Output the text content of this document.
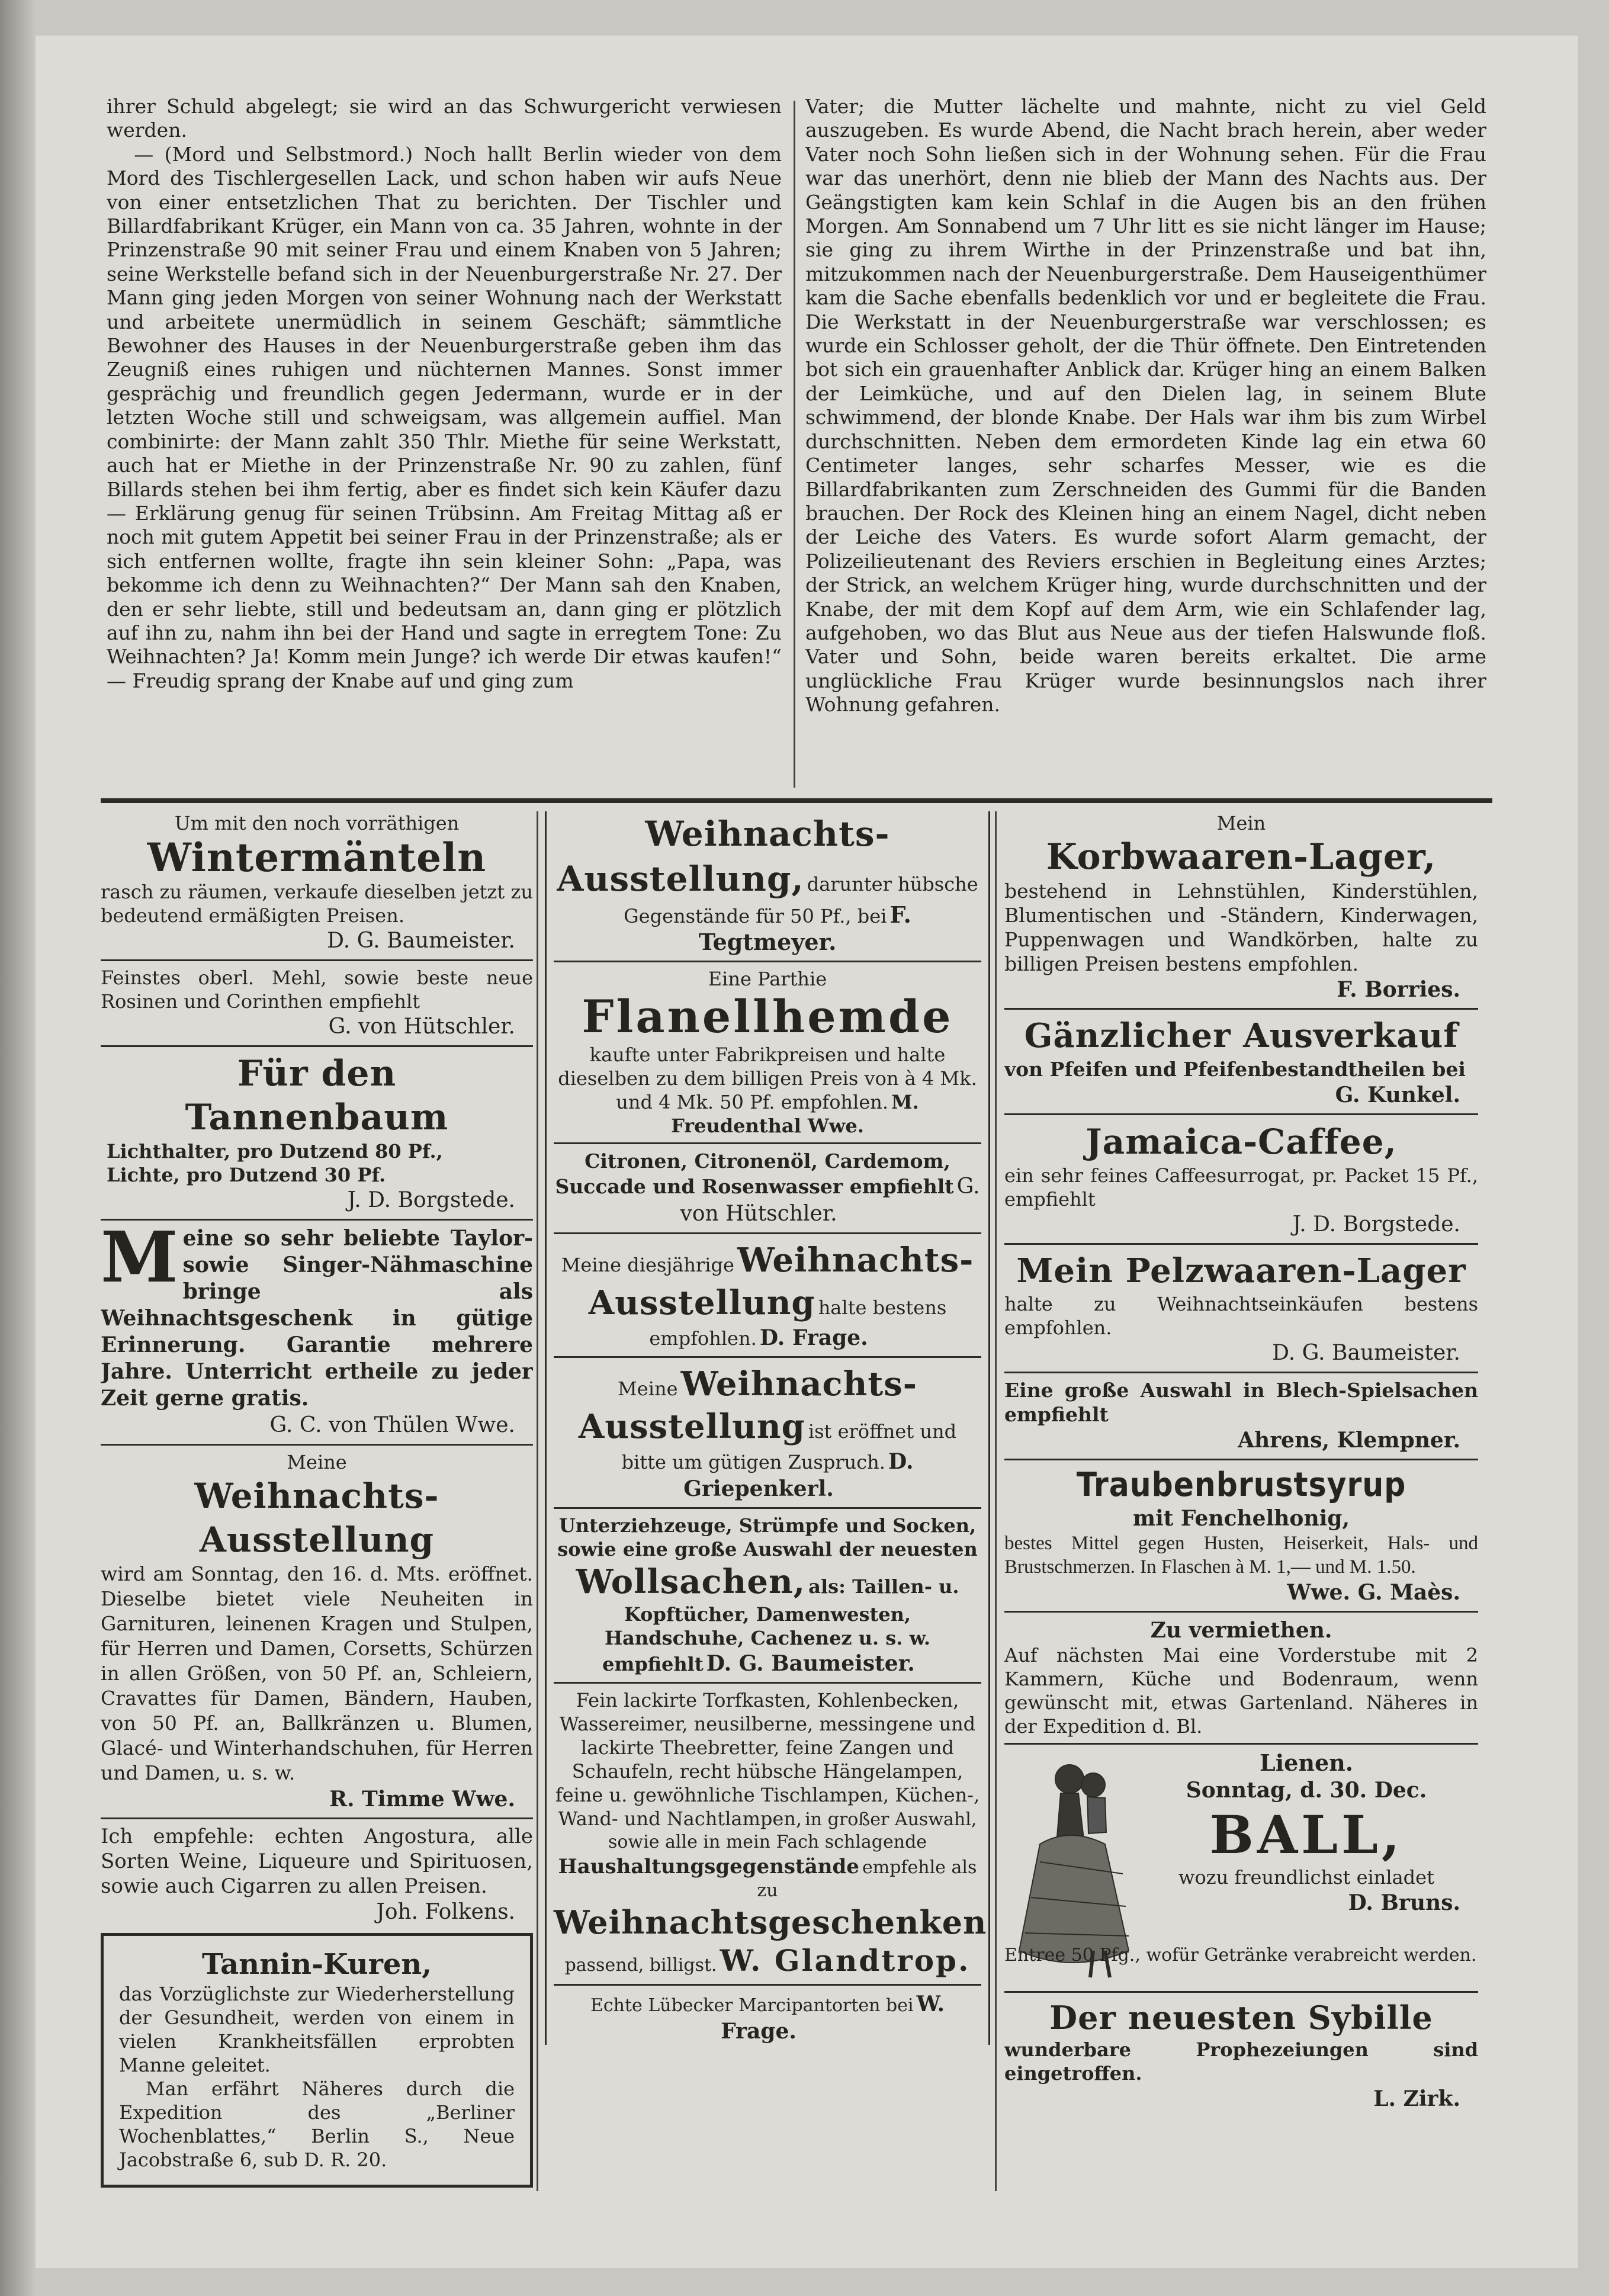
ihrer Schuld abgelegt; sie wird an das Schwurgericht verwiesen werden.

— (Mord und Selbstmord.) Noch hallt Berlin wieder von dem Mord des Tischlergesellen Lack, und schon haben wir aufs Neue von einer entsetzlichen That zu berichten. Der Tischler und Billardfabrikant Krüger, ein Mann von ca. 35 Jahren, wohnte in der Prinzenstraße 90 mit seiner Frau und einem Knaben von 5 Jahren; seine Werkstelle befand sich in der Neuenburgerstraße Nr. 27. Der Mann ging jeden Morgen von seiner Wohnung nach der Werkstatt und arbeitete unermüdlich in seinem Geschäft; sämmtliche Bewohner des Hauses in der Neuenburgerstraße geben ihm das Zeugniß eines ruhigen und nüchternen Mannes. Sonst immer gesprächig und freundlich gegen Jedermann, wurde er in der letzten Woche still und schweigsam, was allgemein auffiel. Man combinirte: der Mann zahlt 350 Thlr. Miethe für seine Werkstatt, auch hat er Miethe in der Prinzenstraße Nr. 90 zu zahlen, fünf Billards stehen bei ihm fertig, aber es findet sich kein Käufer dazu — Erklärung genug für seinen Trübsinn. Am Freitag Mittag aß er noch mit gutem Appetit bei seiner Frau in der Prinzenstraße; als er sich entfernen wollte, fragte ihn sein kleiner Sohn: „Papa, was bekomme ich denn zu Weihnachten?“ Der Mann sah den Knaben, den er sehr liebte, still und bedeutsam an, dann ging er plötzlich auf ihn zu, nahm ihn bei der Hand und sagte in erregtem Tone: Zu Weihnachten? Ja! Komm mein Junge? ich werde Dir etwas kaufen!“ — Freudig sprang der Knabe auf und ging zum

Vater; die Mutter lächelte und mahnte, nicht zu viel Geld auszugeben. Es wurde Abend, die Nacht brach herein, aber weder Vater noch Sohn ließen sich in der Wohnung sehen. Für die Frau war das unerhört, denn nie blieb der Mann des Nachts aus. Der Geängstigten kam kein Schlaf in die Augen bis an den frühen Morgen. Am Sonnabend um 7 Uhr litt es sie nicht länger im Hause; sie ging zu ihrem Wirthe in der Prinzenstraße und bat ihn, mitzukommen nach der Neuenburgerstraße. Dem Hauseigenthümer kam die Sache ebenfalls bedenklich vor und er begleitete die Frau. Die Werkstatt in der Neuenburgerstraße war verschlossen; es wurde ein Schlosser geholt, der die Thür öffnete. Den Eintretenden bot sich ein grauenhafter Anblick dar. Krüger hing an einem Balken der Leimküche, und auf den Dielen lag, in seinem Blute schwimmend, der blonde Knabe. Der Hals war ihm bis zum Wirbel durchschnitten. Neben dem ermordeten Kinde lag ein etwa 60 Centimeter langes, sehr scharfes Messer, wie es die Billardfabrikanten zum Zerschneiden des Gummi für die Banden brauchen. Der Rock des Kleinen hing an einem Nagel, dicht neben der Leiche des Vaters. Es wurde sofort Alarm gemacht, der Polizeilieutenant des Reviers erschien in Begleitung eines Arztes; der Strick, an welchem Krüger hing, wurde durchschnitten und der Knabe, der mit dem Kopf auf dem Arm, wie ein Schlafender lag, aufgehoben, wo das Blut aus Neue aus der tiefen Halswunde floß. Vater und Sohn, beide waren bereits erkaltet. Die arme unglückliche Frau Krüger wurde besinnungslos nach ihrer Wohnung gefahren.

Um mit den noch vorräthigen
Wintermänteln
rasch zu räumen, verkaufe dieselben jetzt zu bedeutend ermäßigten Preisen.
D. G. Baumeister.
Feinstes oberl. Mehl, sowie beste neue Rosinen und Corinthen empfiehlt
G. von Hütschler.
Für den Tannenbaum
Lichthalter, pro Dutzend 80 Pf.,
Lichte, pro Dutzend 30 Pf.
J. D. Borgstede.
M eine so sehr beliebte Taylor- sowie Singer-Nähmaschine bringe als Weihnachtsgeschenk in gütige Erinnerung. Garantie mehrere Jahre. Unterricht ertheile zu jeder Zeit gerne gratis.
G. C. von Thülen Wwe.
Meine
Weihnachts-Ausstellung
wird am Sonntag, den 16. d. Mts. eröffnet. Dieselbe bietet viele Neuheiten in Garnituren, leinenen Kragen und Stulpen, für Herren und Damen, Corsetts, Schürzen in allen Größen, von 50 Pf. an, Schleiern, Cravattes für Damen, Bändern, Hauben, von 50 Pf. an, Ballkränzen u. Blumen, Glacé- und Winterhandschuhen, für Herren und Damen, u. s. w.
R. Timme Wwe.
Ich empfehle: echten Angostura, alle Sorten Weine, Liqueure und Spirituosen, sowie auch Cigarren zu allen Preisen.
Joh. Folkens.
Tannin-Kuren,
das Vorzüglichste zur Wiederherstellung der Gesundheit, werden von einem in vielen Krankheitsfällen erprobten Manne geleitet.
Man erfährt Näheres durch die Expedition des „Berliner Wochenblattes,“ Berlin S., Neue Jacobstraße 6, sub D. R. 20.
Weihnachts-Ausstellung, darunter hübsche Gegenstände für 50 Pf., bei F. Tegtmeyer.
Eine Parthie Flanellhemde kaufte unter Fabrikpreisen und halte dieselben zu dem billigen Preis von à 4 Mk. und 4 Mk. 50 Pf. empfohlen. M. Freudenthal Wwe.
Citronen, Citronenöl, Cardemom, Succade und Rosenwasser empfiehlt G. von Hütschler.
Meine diesjährige Weihnachts-Ausstellung halte bestens empfohlen. D. Frage.
Meine Weihnachts-Ausstellung ist eröffnet und bitte um gütigen Zuspruch. D. Griepenkerl.
Unterziehzeuge, Strümpfe und Socken, sowie eine große Auswahl der neuesten Wollsachen, als: Taillen- u. Kopftücher, Damenwesten, Handschuhe, Cachenez u. s. w. empfiehlt D. G. Baumeister.
Fein lackirte Torfkasten, Kohlenbecken, Wassereimer, neusilberne, messingene und lackirte Theebretter, feine Zangen und Schaufeln, recht hübsche Hängelampen, feine u. gewöhnliche Tischlampen, Küchen-, Wand- und Nachtlampen, in großer Auswahl, sowie alle in mein Fach schlagende Haushaltungsgegenstände empfehle als zu Weihnachtsgeschenken passend, billigst. W. Glandtrop.
Echte Lübecker Marcipantorten bei W. Frage.
Mein
Korbwaaren-Lager,
bestehend in Lehnstühlen, Kinderstühlen, Blumentischen und -Ständern, Kinderwagen, Puppenwagen und Wandkörben, halte zu billigen Preisen bestens empfohlen.
F. Borries.
Gänzlicher Ausverkauf
von Pfeifen und Pfeifenbestandtheilen bei
G. Kunkel.
Jamaica-Caffee,
ein sehr feines Caffeesurrogat, pr. Packet 15 Pf., empfiehlt
J. D. Borgstede.
Mein Pelzwaaren-Lager
halte zu Weihnachtseinkäufen bestens empfohlen.
D. G. Baumeister.
Eine große Auswahl in Blech-Spielsachen empfiehlt
Ahrens, Klempner.
Traubenbrustsyrup
mit Fenchelhonig,
bestes Mittel gegen Husten, Heiserkeit, Hals- und Brustschmerzen. In Flaschen à M. 1,— und M. 1.50.
Wwe. G. Maès.
Zu vermiethen.
Auf nächsten Mai eine Vorderstube mit 2 Kammern, Küche und Bodenraum, wenn gewünscht mit, etwas Gartenland. Näheres in der Expedition d. Bl.
Lienen.
Sonntag, d. 30. Dec.
BALL,
wozu freundlichst einladet
D. Bruns.
Entree 50 Pfg., wofür Getränke verabreicht werden.
Der neuesten Sybille
wunderbare Prophezeiungen sind eingetroffen.
L. Zirk.
